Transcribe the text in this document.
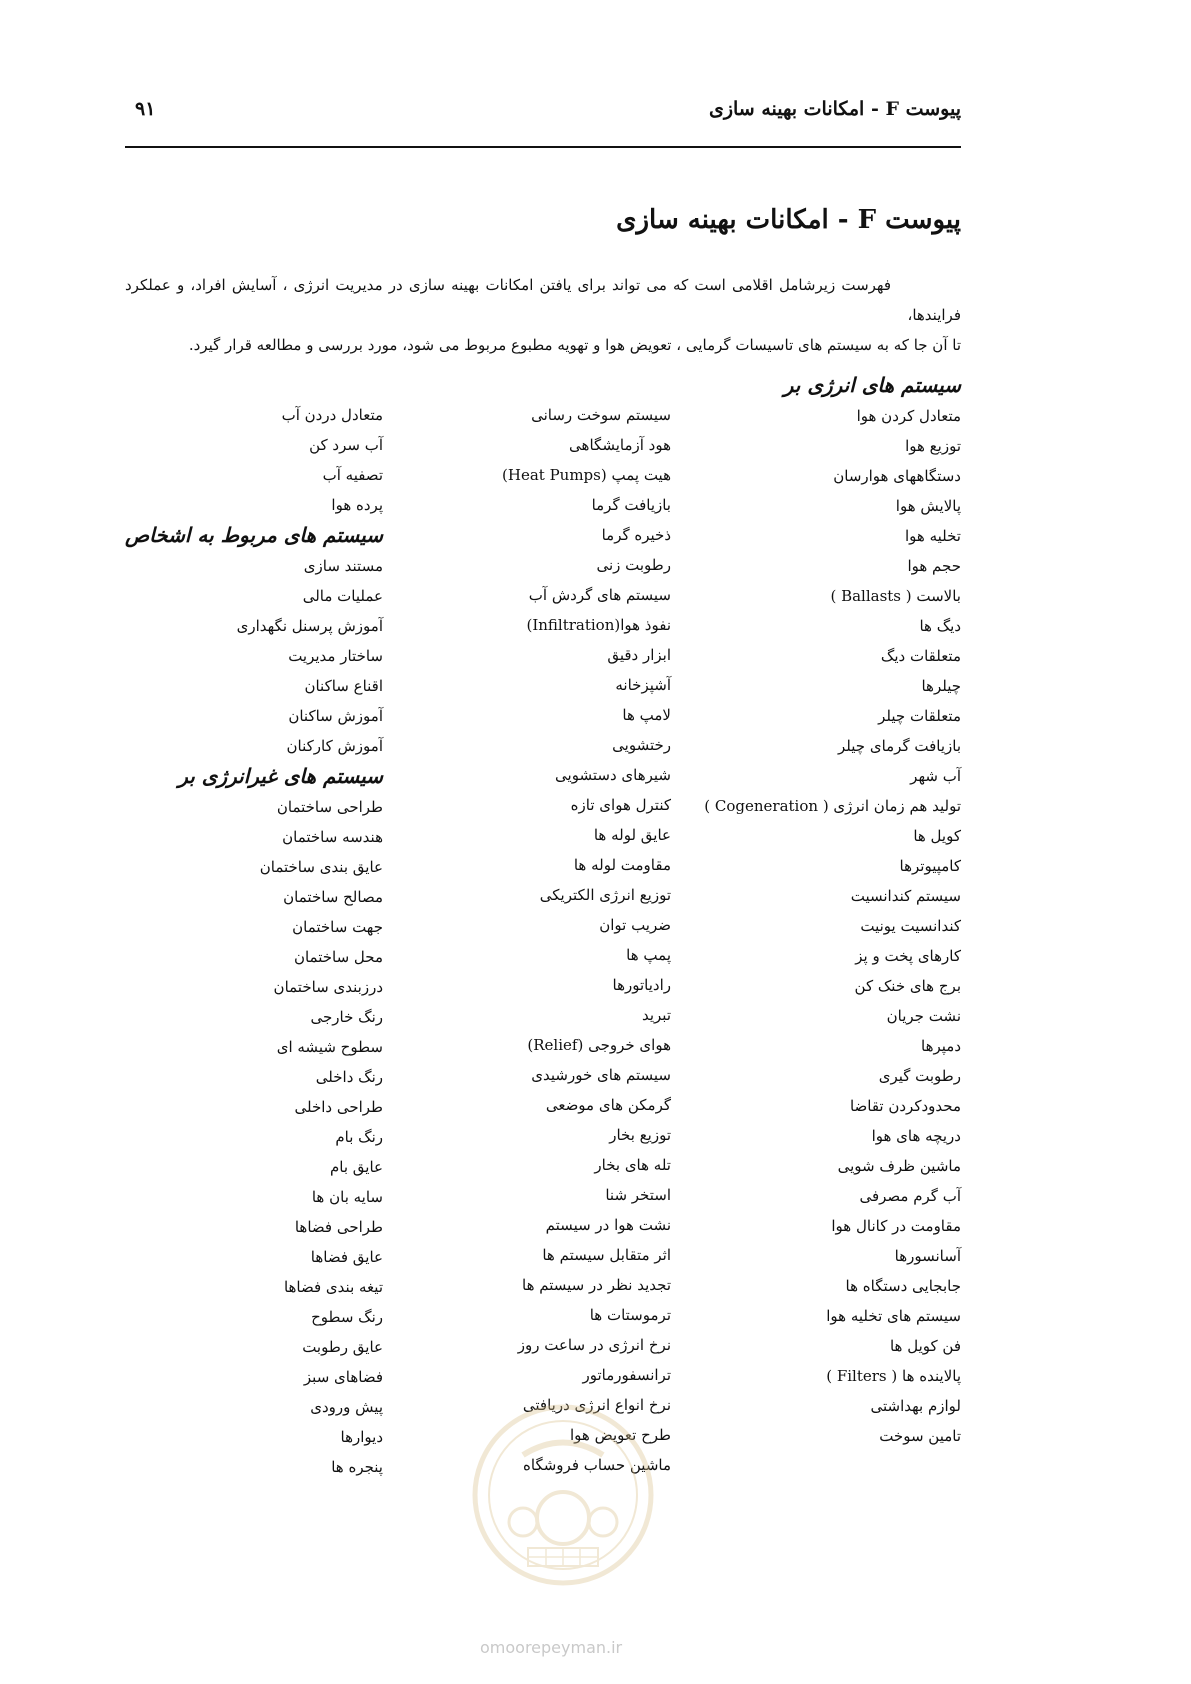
پیوست F - امکانات بهینه سازی
۹۱
پیوست F - امکانات بهینه سازی

فهرست زیرشامل اقلامی است که می تواند برای یافتن امکانات بهینه سازی در مدیریت انرژی ، آسایش افراد، و عملکرد فرایندها،

تا آن جا که به سیستم های تاسیسات گرمایی ، تعویض هوا و تهویه مطبوع مربوط می شود، مورد بررسی و مطالعه قرار گیرد.

سیستم های انرژی بر
متعادل کردن هوا
توزیع هوا
دستگاههای هوارسان
پالایش هوا
تخلیه هوا
حجم هوا
بالاست ( Ballasts )
دیگ ها
متعلقات دیگ
چیلرها
متعلقات چیلر
بازیافت گرمای چیلر
آب شهر
تولید هم زمان انرژی ( Cogeneration )
کویل ها
کامپیوترها
سیستم کندانسیت
کندانسیت یونیت
کارهای پخت و پز
برج های خنک کن
نشت جریان
دمپرها
رطوبت گیری
محدودکردن تقاضا
دریچه های هوا
ماشین ظرف شویی
آب گرم مصرفی
مقاومت در کانال هوا
آسانسورها
جابجایی دستگاه ها
سیستم های تخلیه هوا
فن کویل ها
پالاینده ها ( Filters )
لوازم بهداشتی
تامین سوخت
سیستم سوخت رسانی
هود آزمایشگاهی
هیت پمپ (Heat Pumps)
بازیافت گرما
ذخیره گرما
رطوبت زنی
سیستم های گردش آب
نفوذ هوا(Infiltration)
ابزار دقیق
آشپزخانه
لامپ ها
رختشویی
شیرهای دستشویی
کنترل هوای تازه
عایق لوله ها
مقاومت لوله ها
توزیع انرژی الکتریکی
ضریب توان
پمپ ها
رادیاتورها
تبرید
هوای خروجی (Relief)
سیستم های خورشیدی
گرمکن های موضعی
توزیع بخار
تله های بخار
استخر شنا
نشت هوا در سیستم
اثر متقابل سیستم ها
تجدید نظر در سیستم ها
ترموستات ها
نرخ انرژی در ساعت روز
ترانسفورماتور
نرخ انواع انرژی دریافتی
طرح تعویض هوا
ماشین حساب فروشگاه
متعادل دردن آب
آب سرد کن
تصفیه آب
پرده هوا
سیستم های مربوط به اشخاص
مستند سازی
عملیات مالی
آموزش پرسنل نگهداری
ساختار مدیریت
اقناع ساکنان
آموزش ساکنان
آموزش کارکنان
سیستم های غیرانرژی بر
طراحی ساختمان
هندسه ساختمان
عایق بندی ساختمان
مصالح ساختمان
جهت ساختمان
محل ساختمان
درزبندی ساختمان
رنگ خارجی
سطوح شیشه ای
رنگ داخلی
طراحی داخلی
رنگ بام
عایق بام
سایه بان ها
طراحی فضاها
عایق فضاها
تیغه بندی فضاها
رنگ سطوح
عایق رطوبت
فضاهای سبز
پیش ورودی
دیوارها
پنجره ها
omoorepeyman.ir
